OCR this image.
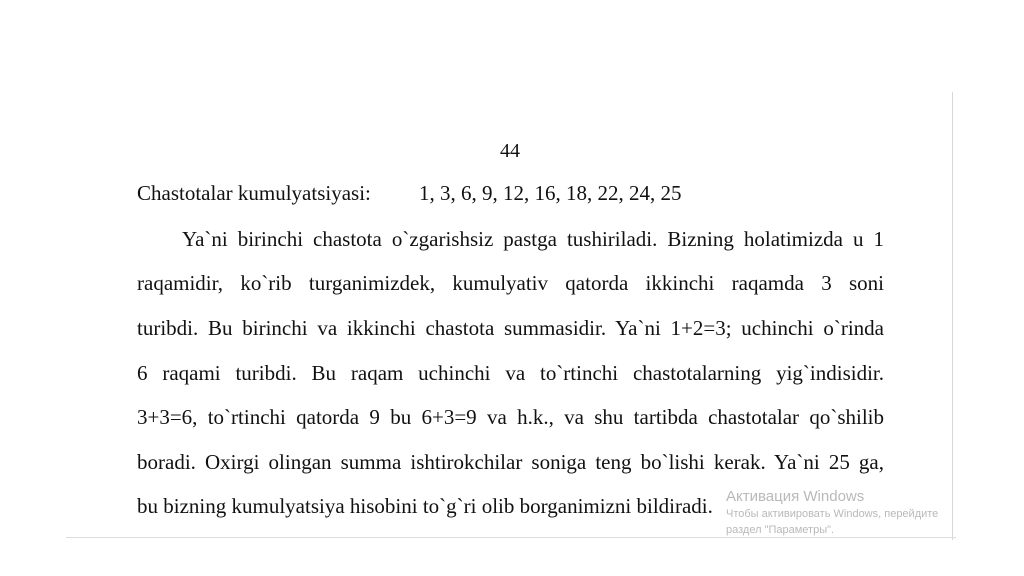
44
Chastotalar kumulyatsiyasi: 1, 3, 6, 9, 12, 16, 18, 22, 24, 25
Ya`ni birinchi chastota o`zgarishsiz pastga tushiriladi. Bizning holatimizda u 1
raqamidir, ko`rib turganimizdek, kumulyativ qatorda ikkinchi raqamda 3 soni
turibdi. Bu birinchi va ikkinchi chastota summasidir. Ya`ni 1+2=3; uchinchi o`rinda
6 raqami turibdi. Bu raqam uchinchi va to`rtinchi chastotalarning yig`indisidir.
3+3=6, to`rtinchi qatorda 9 bu 6+3=9 va h.k., va shu tartibda chastotalar qo`shilib
boradi. Oxirgi olingan summa ishtirokchilar soniga teng bo`lishi kerak. Ya`ni 25 ga,
bu bizning kumulyatsiya hisobini to`g`ri olib borganimizni bildiradi. Активация Windows
Чтобы активировать Windows, перейдите
раздел "Параметры".
